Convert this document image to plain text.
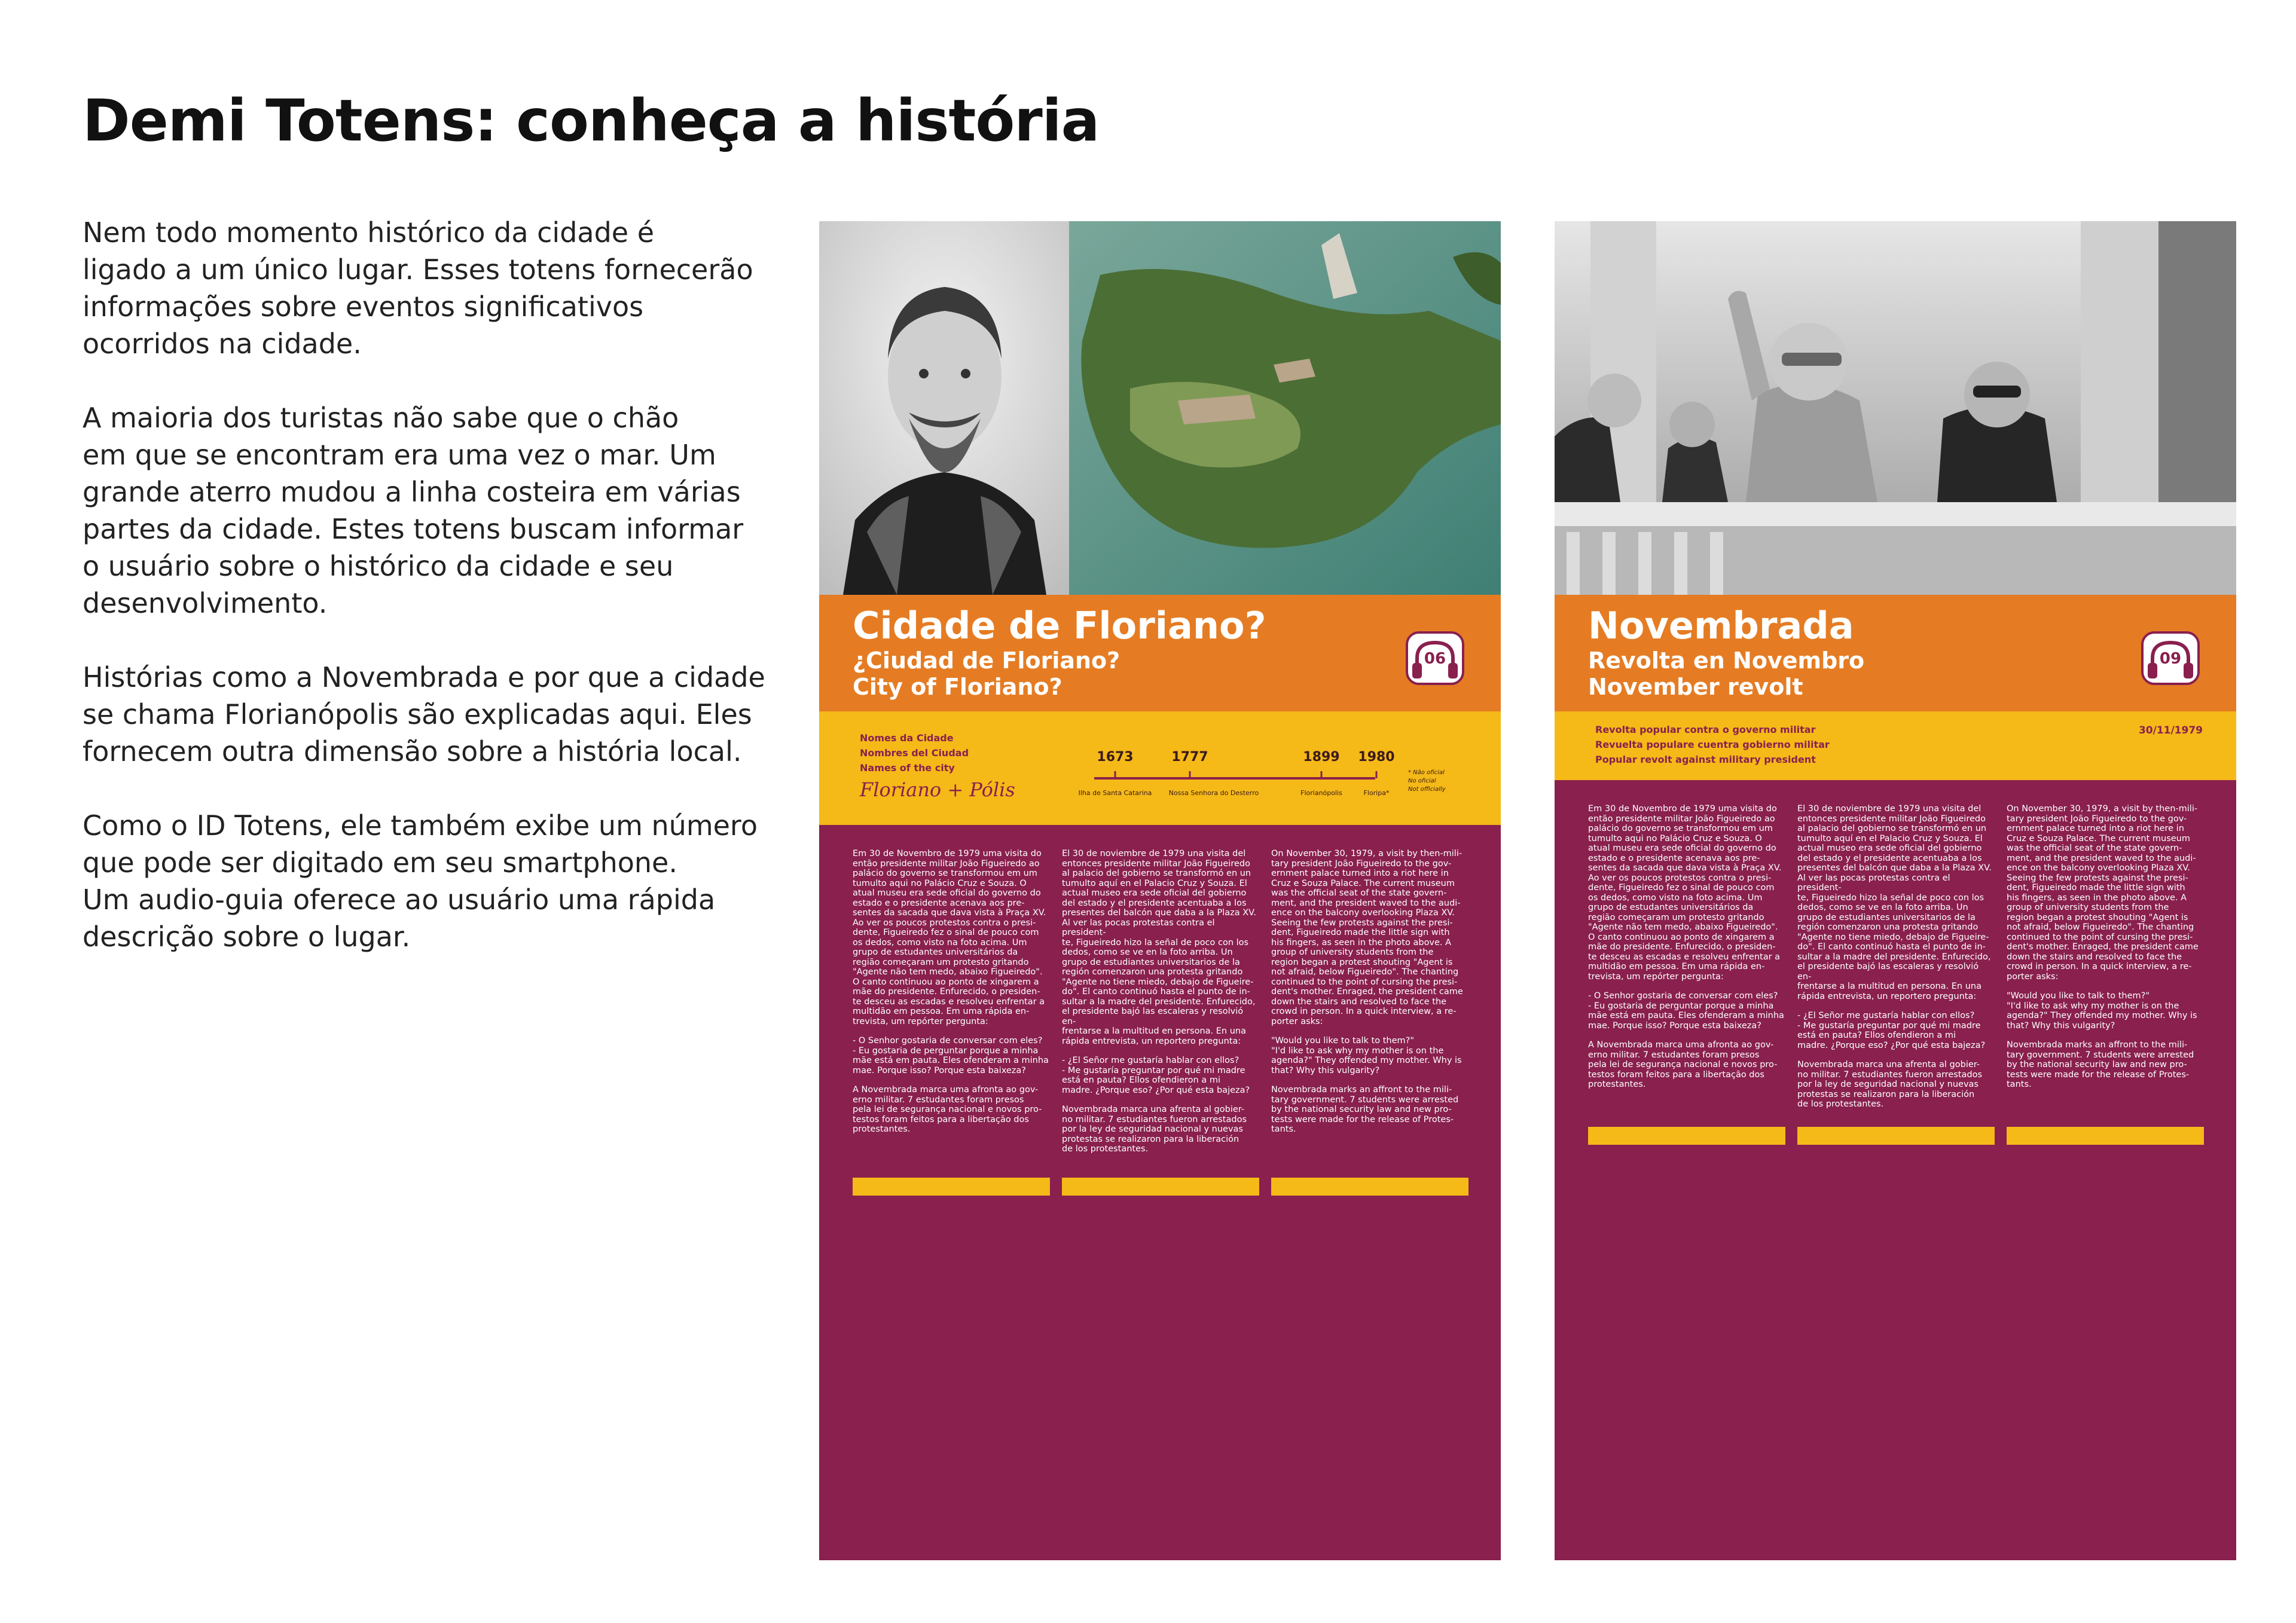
Demi Totens: conheça a história

Nem todo momento histórico da cidade é
ligado a um único lugar. Esses totens fornecerão
informações sobre eventos significativos
ocorridos na cidade.

A maioria dos turistas não sabe que o chão
em que se encontram era uma vez o mar. Um
grande aterro mudou a linha costeira em várias
partes da cidade. Estes totens buscam informar
o usuário sobre o histórico da cidade e seu
desenvolvimento.

Histórias como a Novembrada e por que a cidade
se chama Florianópolis são explicadas aqui. Eles
fornecem outra dimensão sobre a história local.

Como o ID Totens, ele também exibe um número
que pode ser digitado em seu smartphone.
Um audio-guia oferece ao usuário uma rápida
descrição sobre o lugar.

Cidade de Floriano?
¿Ciudad de Floriano?
City of Floriano?
06
Nomes da Cidade
Nombres del Ciudad
Names of the city
Floriano + Pólis
1673	1777	1899 1980
Ilha de Santa Catarina	Nossa Senhora do Desterro	Florianópolis	Floripa*
* Não oficial
No oficial
Not officially

Em 30 de Novembro de 1979 uma visita do
então presidente militar João Figueiredo ao
palácio do governo se transformou em um
tumulto aqui no Palácio Cruz e Souza. O
atual museu era sede oficial do governo do
estado e o presidente acenava aos pre-
sentes da sacada que dava vista à Praça XV.
Ao ver os poucos protestos contra o presi-
dente, Figueiredo fez o sinal de pouco com
os dedos, como visto na foto acima. Um
grupo de estudantes universitários da
região começaram um protesto gritando
"Agente não tem medo, abaixo Figueiredo".
O canto continuou ao ponto de xingarem a
mãe do presidente. Enfurecido, o presiden-
te desceu as escadas e resolveu enfrentar a
multidão em pessoa. Em uma rápida en-
trevista, um repórter pergunta:

- O Senhor gostaria de conversar com eles?
- Eu gostaria de perguntar porque a minha
mãe está em pauta. Eles ofenderam a minha
mae. Porque isso? Porque esta baixeza?

A Novembrada marca uma afronta ao gov-
erno militar. 7 estudantes foram presos
pela lei de segurança nacional e novos pro-
testos foram feitos para a libertação dos
protestantes.

El 30 de noviembre de 1979 una visita del
entonces presidente militar João Figueiredo
al palacio del gobierno se transformó en un
tumulto aquí en el Palacio Cruz y Souza. El
actual museo era sede oficial del gobierno
del estado y el presidente acentuaba a los
presentes del balcón que daba a la Plaza XV.
Al ver las pocas protestas contra el president-
te, Figueiredo hizo la señal de poco con los
dedos, como se ve en la foto arriba. Un
grupo de estudiantes universitarios de la
región comenzaron una protesta gritando
"Agente no tiene miedo, debajo de Figueire-
do". El canto continuó hasta el punto de in-
sultar a la madre del presidente. Enfurecido,
el presidente bajó las escaleras y resolvió en-
frentarse a la multitud en persona. En una
rápida entrevista, un reportero pregunta:

- ¿El Señor me gustaría hablar con ellos?
- Me gustaría preguntar por qué mi madre
está en pauta? Ellos ofendieron a mi
madre. ¿Porque eso? ¿Por qué esta bajeza?

Novembrada marca una afrenta al gobier-
no militar. 7 estudiantes fueron arrestados
por la ley de seguridad nacional y nuevas
protestas se realizaron para la liberación
de los protestantes.

On November 30, 1979, a visit by then-mili-
tary president João Figueiredo to the gov-
ernment palace turned into a riot here in
Cruz e Souza Palace. The current museum
was the official seat of the state govern-
ment, and the president waved to the audi-
ence on the balcony overlooking Plaza XV.
Seeing the few protests against the presi-
dent, Figueiredo made the little sign with
his fingers, as seen in the photo above. A
group of university students from the
region began a protest shouting "Agent is
not afraid, below Figueiredo". The chanting
continued to the point of cursing the presi-
dent's mother. Enraged, the president came
down the stairs and resolved to face the
crowd in person. In a quick interview, a re-
porter asks:

"Would you like to talk to them?"
"I'd like to ask why my mother is on the
agenda?" They offended my mother. Why is
that? Why this vulgarity?

Novembrada marks an affront to the mili-
tary government. 7 students were arrested
by the national security law and new pro-
tests were made for the release of Protes-
tants.

Novembrada
Revolta en Novembro
November revolt
09
Revolta popular contra o governo militar
Revuelta populare cuentra gobierno militar
Popular revolt against military president
30/11/1979

Em 30 de Novembro de 1979 uma visita do
então presidente militar João Figueiredo ao
palácio do governo se transformou em um
tumulto aqui no Palácio Cruz e Souza. O
atual museu era sede oficial do governo do
estado e o presidente acenava aos pre-
sentes da sacada que dava vista à Praça XV.
Ao ver os poucos protestos contra o presi-
dente, Figueiredo fez o sinal de pouco com
os dedos, como visto na foto acima. Um
grupo de estudantes universitários da
região começaram um protesto gritando
"Agente não tem medo, abaixo Figueiredo".
O canto continuou ao ponto de xingarem a
mãe do presidente. Enfurecido, o presiden-
te desceu as escadas e resolveu enfrentar a
multidão em pessoa. Em uma rápida en-
trevista, um repórter pergunta:

- O Senhor gostaria de conversar com eles?
- Eu gostaria de perguntar porque a minha
mãe está em pauta. Eles ofenderam a minha
mae. Porque isso? Porque esta baixeza?

A Novembrada marca uma afronta ao gov-
erno militar. 7 estudantes foram presos
pela lei de segurança nacional e novos pro-
testos foram feitos para a libertação dos
protestantes.

El 30 de noviembre de 1979 una visita del
entonces presidente militar João Figueiredo
al palacio del gobierno se transformó en un
tumulto aquí en el Palacio Cruz y Souza. El
actual museo era sede oficial del gobierno
del estado y el presidente acentuaba a los
presentes del balcón que daba a la Plaza XV.
Al ver las pocas protestas contra el president-
te, Figueiredo hizo la señal de poco con los
dedos, como se ve en la foto arriba. Un
grupo de estudiantes universitarios de la
región comenzaron una protesta gritando
"Agente no tiene miedo, debajo de Figueire-
do". El canto continuó hasta el punto de in-
sultar a la madre del presidente. Enfurecido,
el presidente bajó las escaleras y resolvió en-
frentarse a la multitud en persona. En una
rápida entrevista, un reportero pregunta:

- ¿El Señor me gustaría hablar con ellos?
- Me gustaría preguntar por qué mi madre
está en pauta? Ellos ofendieron a mi
madre. ¿Porque eso? ¿Por qué esta bajeza?

Novembrada marca una afrenta al gobier-
no militar. 7 estudiantes fueron arrestados
por la ley de seguridad nacional y nuevas
protestas se realizaron para la liberación
de los protestantes.

On November 30, 1979, a visit by then-mili-
tary president João Figueiredo to the gov-
ernment palace turned into a riot here in
Cruz e Souza Palace. The current museum
was the official seat of the state govern-
ment, and the president waved to the audi-
ence on the balcony overlooking Plaza XV.
Seeing the few protests against the presi-
dent, Figueiredo made the little sign with
his fingers, as seen in the photo above. A
group of university students from the
region began a protest shouting "Agent is
not afraid, below Figueiredo". The chanting
continued to the point of cursing the presi-
dent's mother. Enraged, the president came
down the stairs and resolved to face the
crowd in person. In a quick interview, a re-
porter asks:

"Would you like to talk to them?"
"I'd like to ask why my mother is on the
agenda?" They offended my mother. Why is
that? Why this vulgarity?

Novembrada marks an affront to the mili-
tary government. 7 students were arrested
by the national security law and new pro-
tests were made for the release of Protes-
tants.
